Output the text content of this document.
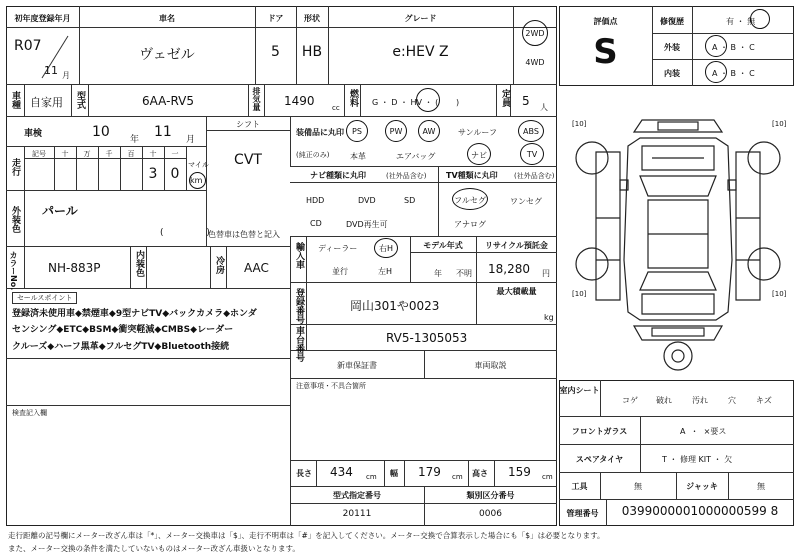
初年度登録年月	車名	ドア	形状	グレード
R07
11 月
ヴェゼル	5	HB	e:HEV Z
2WD
4WD
車種 自家用 型式	6AA-RV5	排気量 1490 cc
燃料 G ・ D ・ HV ・ (       )	定員 5 人
車検	10 年 11 月
シフト
CVT
走行
記号	十	万	千	百	十	一
3 0
マイル
km
外装色 パール
(               )
色替車は色替と記入
装備品に丸印
(純正のみ)
PS	PW	AW	サンルーフ	ABS
本革	エアバッグ	ナビ	TV
ナビ種類に丸印	(社外品含む)
HDD	DVD	SD
CD	DVD再生可
TV種類に丸印 (社外品含む)
フルセグ	ワンセグ
アナログ
輸入車 ディーラー
並行
右H
左H
モデル年式
年 不明
リサイクル預託金
18,280 円
カラーNo.	NH-883P	内装色	冷房 AAC
セールスポイント
登録済未使用車◆禁煙車◆9型ナビTV◆バックカメラ◆ホンダ
センシング◆ETC◆BSM◆衝突軽減◆CMBS◆レーダー
クルーズ◆ハーフ黒革◆フルセグTV◆Bluetooth接続
登録番号	岡山301や0023
最大積載量
kg
車台番号	RV5-1305053
新車保証書	車両取説
注意事項・不具合箇所
検査記入欄
長さ 434 cm 幅 179 cm 高さ 159 cm
型式指定番号
20111
類別区分番号
0006
評価点
S
修復歴	有 ・ 無
外装	A ・ B ・ C
内装	A ・ B ・ C
[10]	[10]
[10]	[10]
室内シート
コゲ 破れ	汚れ	穴	キズ
フロントガラス	A  ・  ×要ス
スペアタイヤ	T ・ 修理 KIT ・ 欠
工具	無	ジャッキ	無
管理番号	0399000001000000599 8
走行距離の記号欄にメーター改ざん車は「*」、メーター交換車は「$」、走行不明車は「#」を記入してください。メーター交換で合算表示した場合にも「$」は必要となります。
また、メーター交換の条件を満たしていないものはメーター改ざん車扱いとなります。
